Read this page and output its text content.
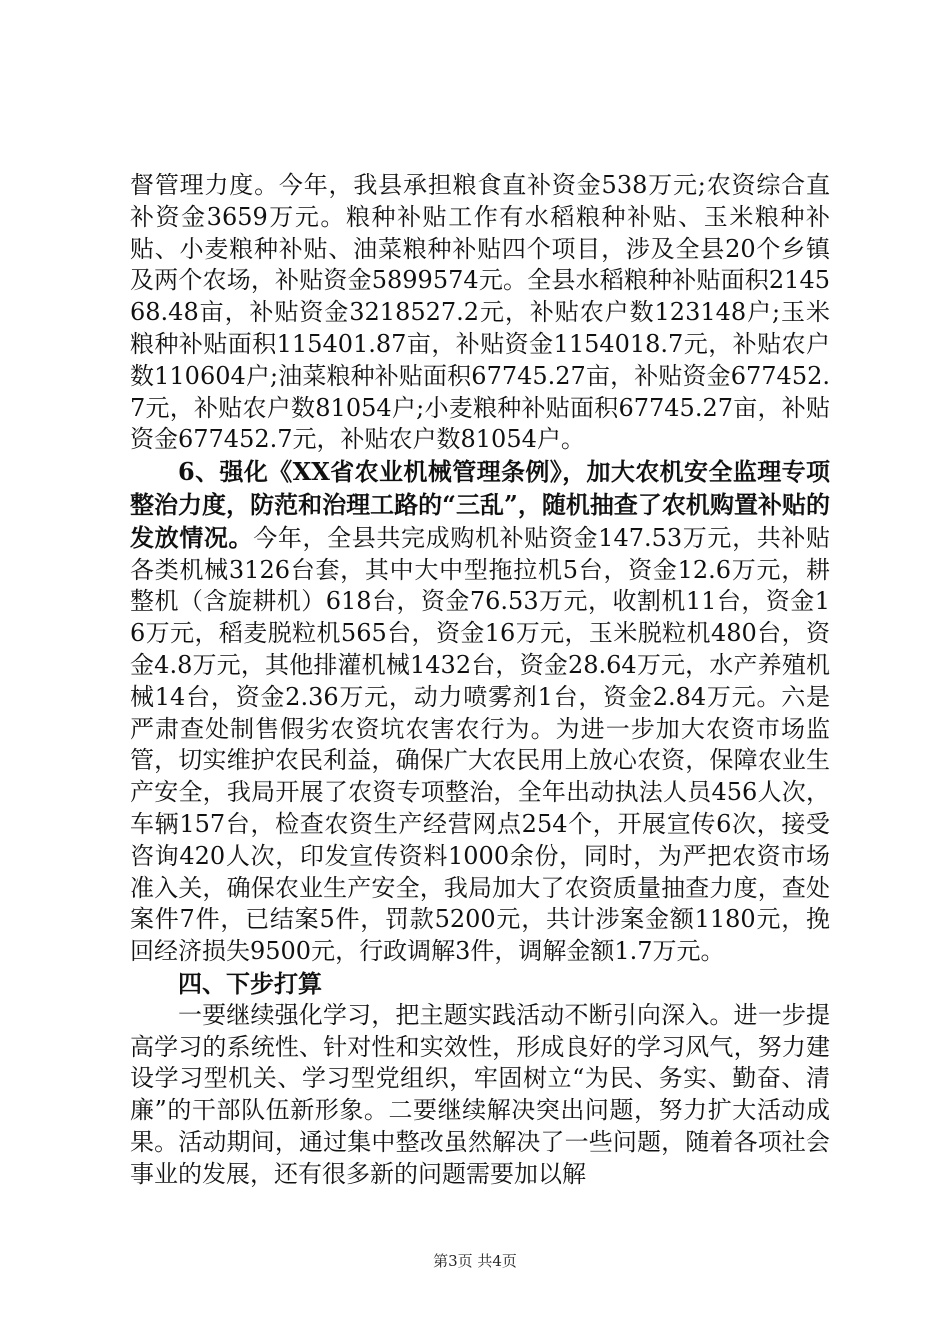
督管理力度。今年，我县承担粮食直补资金538万元;农资综合直补资金3659万元。粮种补贴工作有水稻粮种补贴、玉米粮种补贴、小麦粮种补贴、油菜粮种补贴四个项目，涉及全县20个乡镇及两个农场，补贴资金5899574元。全县水稻粮种补贴面积214568.48亩，补贴资金3218527.2元，补贴农户数123148户;玉米粮种补贴面积115401.87亩，补贴资金1154018.7元，补贴农户数110604户;油菜粮种补贴面积67745.27亩，补贴资金677452.7元，补贴农户数81054户;小麦粮种补贴面积67745.27亩，补贴资金677452.7元，补贴农户数81054户。

6、强化《XX省农业机械管理条例》，加大农机安全监理专项整治力度，防范和治理工路的“三乱”，随机抽查了农机购置补贴的发放情况。今年，全县共完成购机补贴资金147.53万元，共补贴各类机械3126台套，其中大中型拖拉机5台，资金12.6万元，耕整机（含旋耕机）618台，资金76.53万元，收割机11台，资金16万元，稻麦脱粒机565台，资金16万元，玉米脱粒机480台，资金4.8万元，其他排灌机械1432台，资金28.64万元，水产养殖机械14台，资金2.36万元，动力喷雾剂1台，资金2.84万元。六是严肃查处制售假劣农资坑农害农行为。为进一步加大农资市场监管，切实维护农民利益，确保广大农民用上放心农资，保障农业生产安全，我局开展了农资专项整治，全年出动执法人员456人次，车辆157台，检查农资生产经营网点254个，开展宣传6次，接受咨询420人次，印发宣传资料1000余份，同时，为严把农资市场准入关，确保农业生产安全，我局加大了农资质量抽查力度，查处案件7件，已结案5件，罚款5200元，共计涉案金额1180元，挽回经济损失9500元，行政调解3件，调解金额1.7万元。

四、下步打算

一要继续强化学习，把主题实践活动不断引向深入。进一步提高学习的系统性、针对性和实效性，形成良好的学习风气，努力建设学习型机关、学习型党组织，牢固树立“为民、务实、勤奋、清廉”的干部队伍新形象。二要继续解决突出问题，努力扩大活动成果。活动期间，通过集中整改虽然解决了一些问题，随着各项社会事业的发展，还有很多新的问题需要加以解

第3页 共4页
